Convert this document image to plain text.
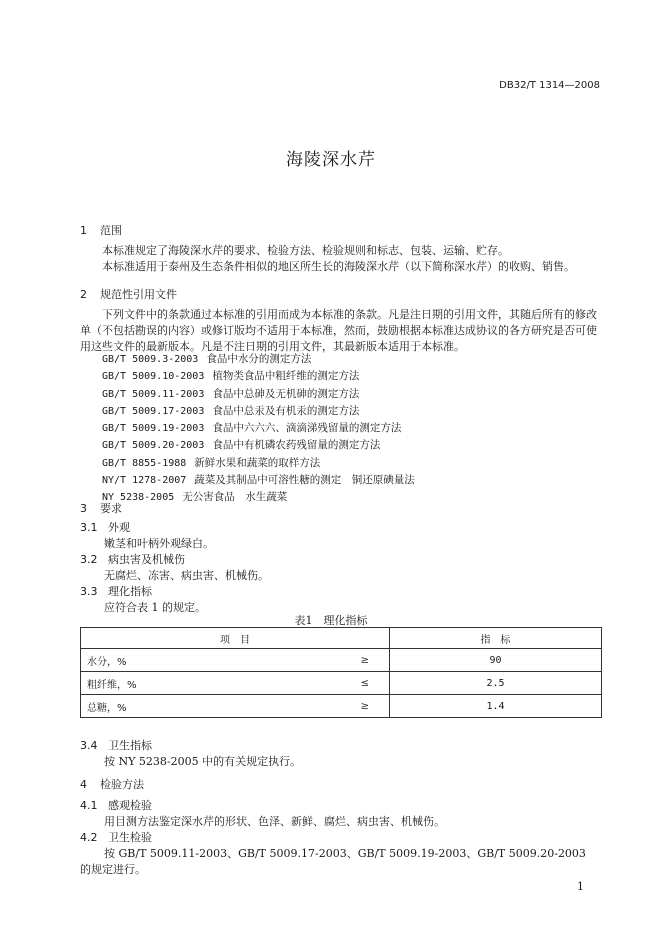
DB32/T 1314—2008
海陵深水芹
1 范围
本标准规定了海陵深水芹的要求、检验方法、检验规则和标志、包装、运输、贮存。
本标准适用于泰州及生态条件相似的地区所生长的海陵深水芹（以下简称深水芹）的收购、销售。
2 规范性引用文件
下列文件中的条款通过本标准的引用而成为本标准的条款。凡是注日期的引用文件，其随后所有的修改单（不包括勘误的内容）或修订版均不适用于本标准，然而，鼓励根据本标准达成协议的各方研究是否可使用这些文件的最新版本。凡是不注日期的引用文件，其最新版本适用于本标准。
GB/T 5009.3-2003 食品中水分的测定方法
GB/T 5009.10-2003 植物类食品中粗纤维的测定方法
GB/T 5009.11-2003 食品中总砷及无机砷的测定方法
GB/T 5009.17-2003 食品中总汞及有机汞的测定方法
GB/T 5009.19-2003 食品中六六六、滴滴涕残留量的测定方法
GB/T 5009.20-2003 食品中有机磷农药残留量的测定方法
GB/T 8855-1988 新鲜水果和蔬菜的取样方法
NY/T 1278-2007 蔬菜及其制品中可溶性糖的测定　铜还原碘量法
NY 5238-2005 无公害食品　水生蔬菜
3 要求
3.1 外观
嫩茎和叶柄外观绿白。
3.2 病虫害及机械伤
无腐烂、冻害、病虫害、机械伤。
3.3 理化指标
应符合表 1 的规定。
表1　理化指标
项　目		指　标
水分，%	≥	90
粗纤维，%	≤	2.5
总糖，%	≥	1.4
3.4 卫生指标
按 NY 5238-2005 中的有关规定执行。
4 检验方法
4.1 感观检验
用目测方法鉴定深水芹的形状、色泽、新鲜、腐烂、病虫害、机械伤。
4.2 卫生检验
按 GB/T 5009.11-2003、GB/T 5009.17-2003、GB/T 5009.19-2003、GB/T 5009.20-2003 的规定进行。
1
